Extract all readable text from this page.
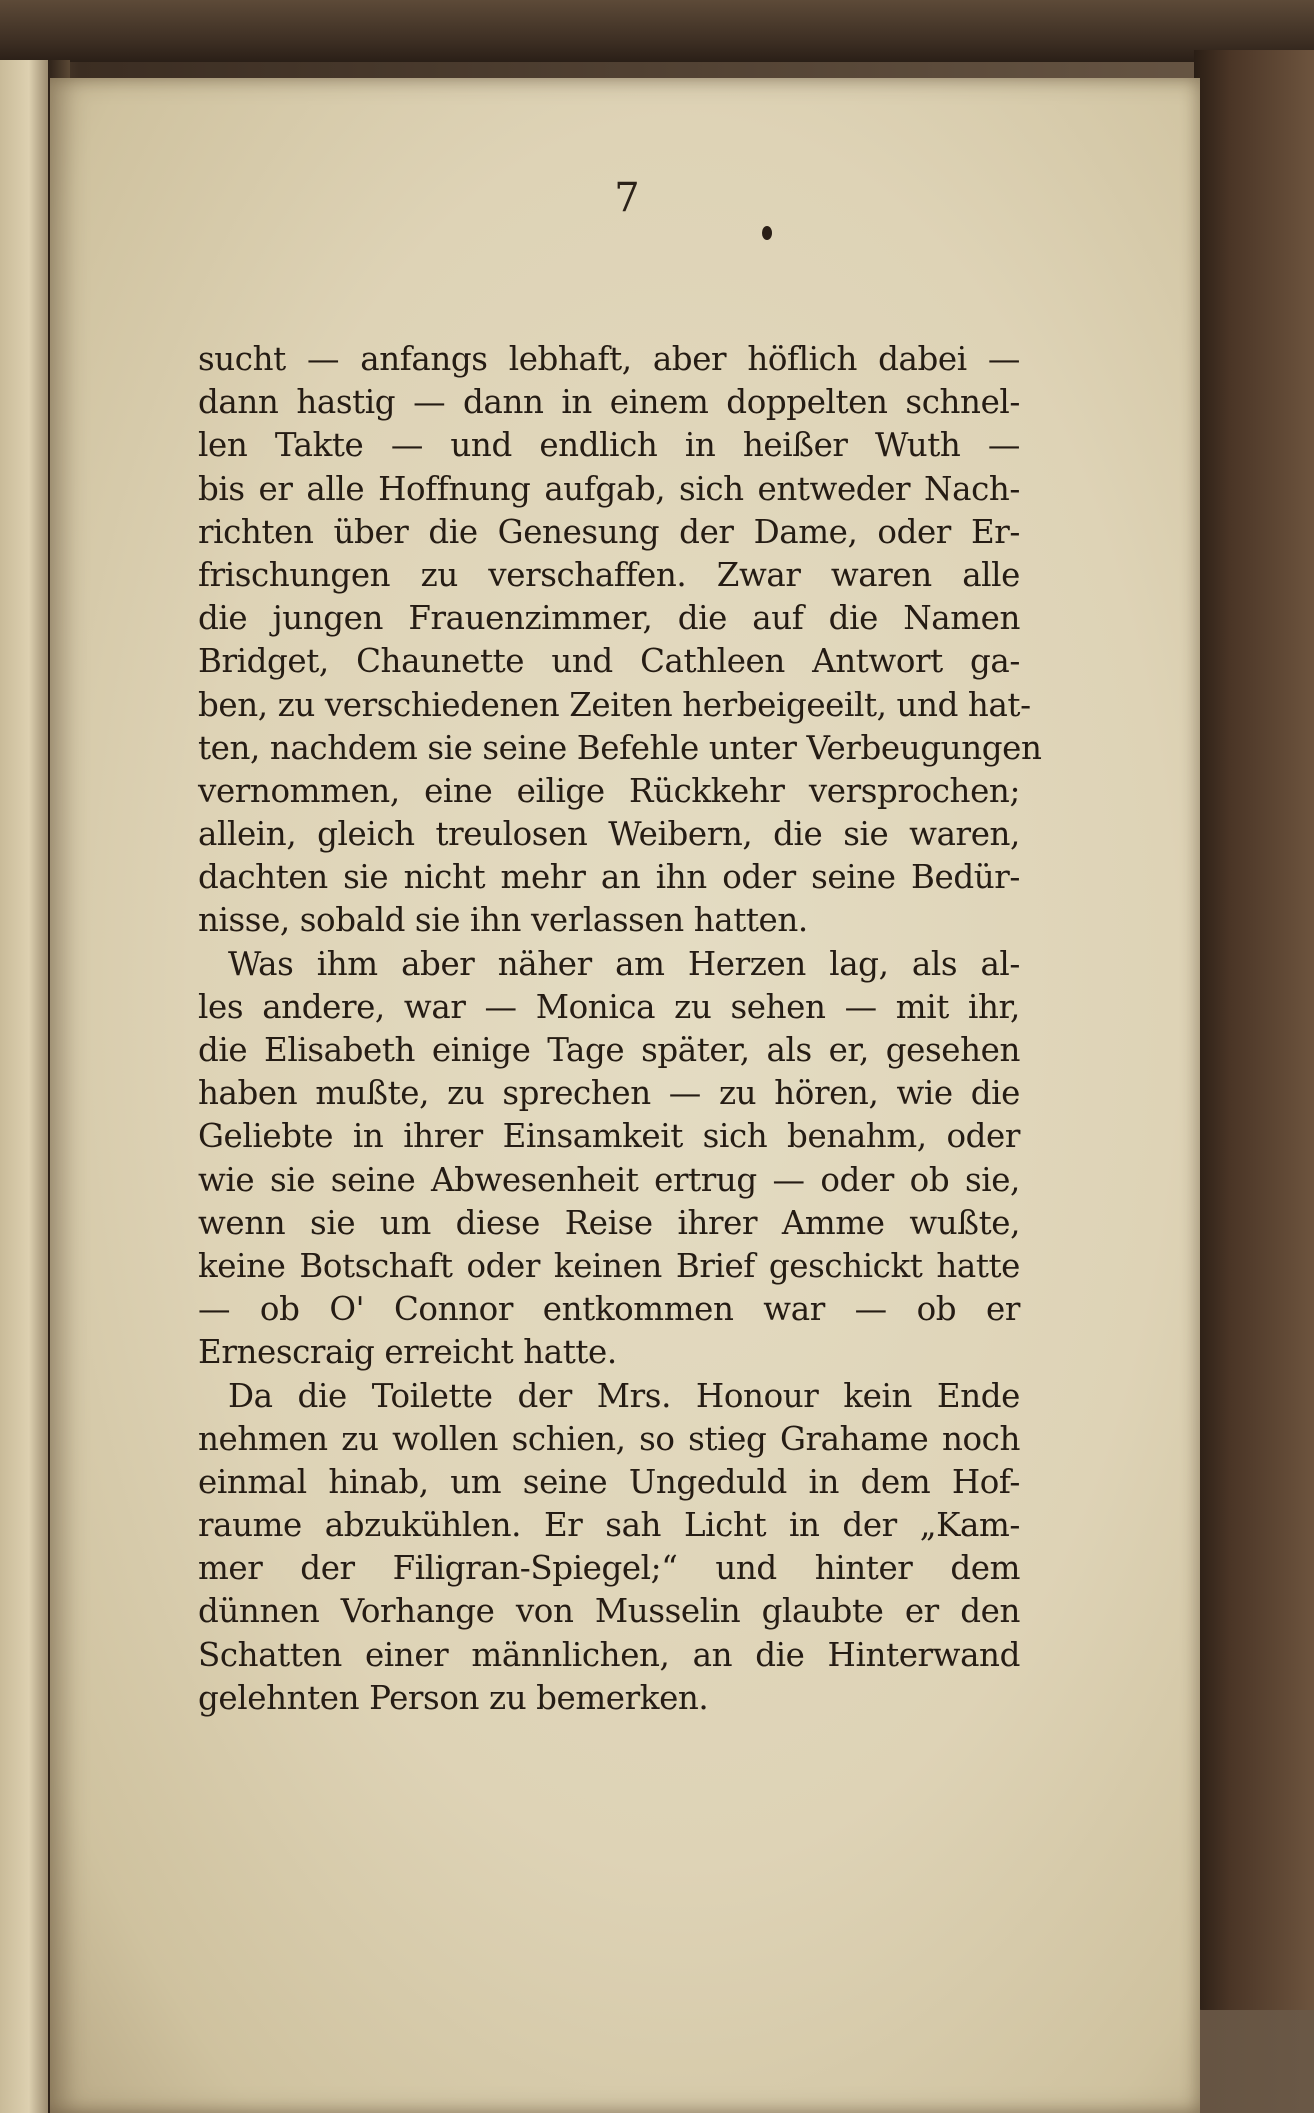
7
sucht — anfangs lebhaft, aber höflich dabei —
dann hastig — dann in einem doppelten schnel-
len Takte — und endlich in heißer Wuth —
bis er alle Hoffnung aufgab, sich entweder Nach-
richten über die Genesung der Dame, oder Er-
frischungen zu verschaffen. Zwar waren alle
die jungen Frauenzimmer, die auf die Namen
Bridget, Chaunette und Cathleen Antwort ga-
ben, zu verschiedenen Zeiten herbeigeeilt, und hat-
ten, nachdem sie seine Befehle unter Verbeugungen
vernommen, eine eilige Rückkehr versprochen;
allein, gleich treulosen Weibern, die sie waren,
dachten sie nicht mehr an ihn oder seine Bedür-
nisse, sobald sie ihn verlassen hatten.
Was ihm aber näher am Herzen lag, als al-
les andere, war — Monica zu sehen — mit ihr,
die Elisabeth einige Tage später, als er, gesehen
haben mußte, zu sprechen — zu hören, wie die
Geliebte in ihrer Einsamkeit sich benahm, oder
wie sie seine Abwesenheit ertrug — oder ob sie,
wenn sie um diese Reise ihrer Amme wußte,
keine Botschaft oder keinen Brief geschickt hatte
— ob O' Connor entkommen war — ob er
Ernescraig erreicht hatte.
Da die Toilette der Mrs. Honour kein Ende
nehmen zu wollen schien, so stieg Grahame noch
einmal hinab, um seine Ungeduld in dem Hof-
raume abzukühlen. Er sah Licht in der „Kam-
mer der Filigran-Spiegel;“ und hinter dem
dünnen Vorhange von Musselin glaubte er den
Schatten einer männlichen, an die Hinterwand
gelehnten Person zu bemerken.
